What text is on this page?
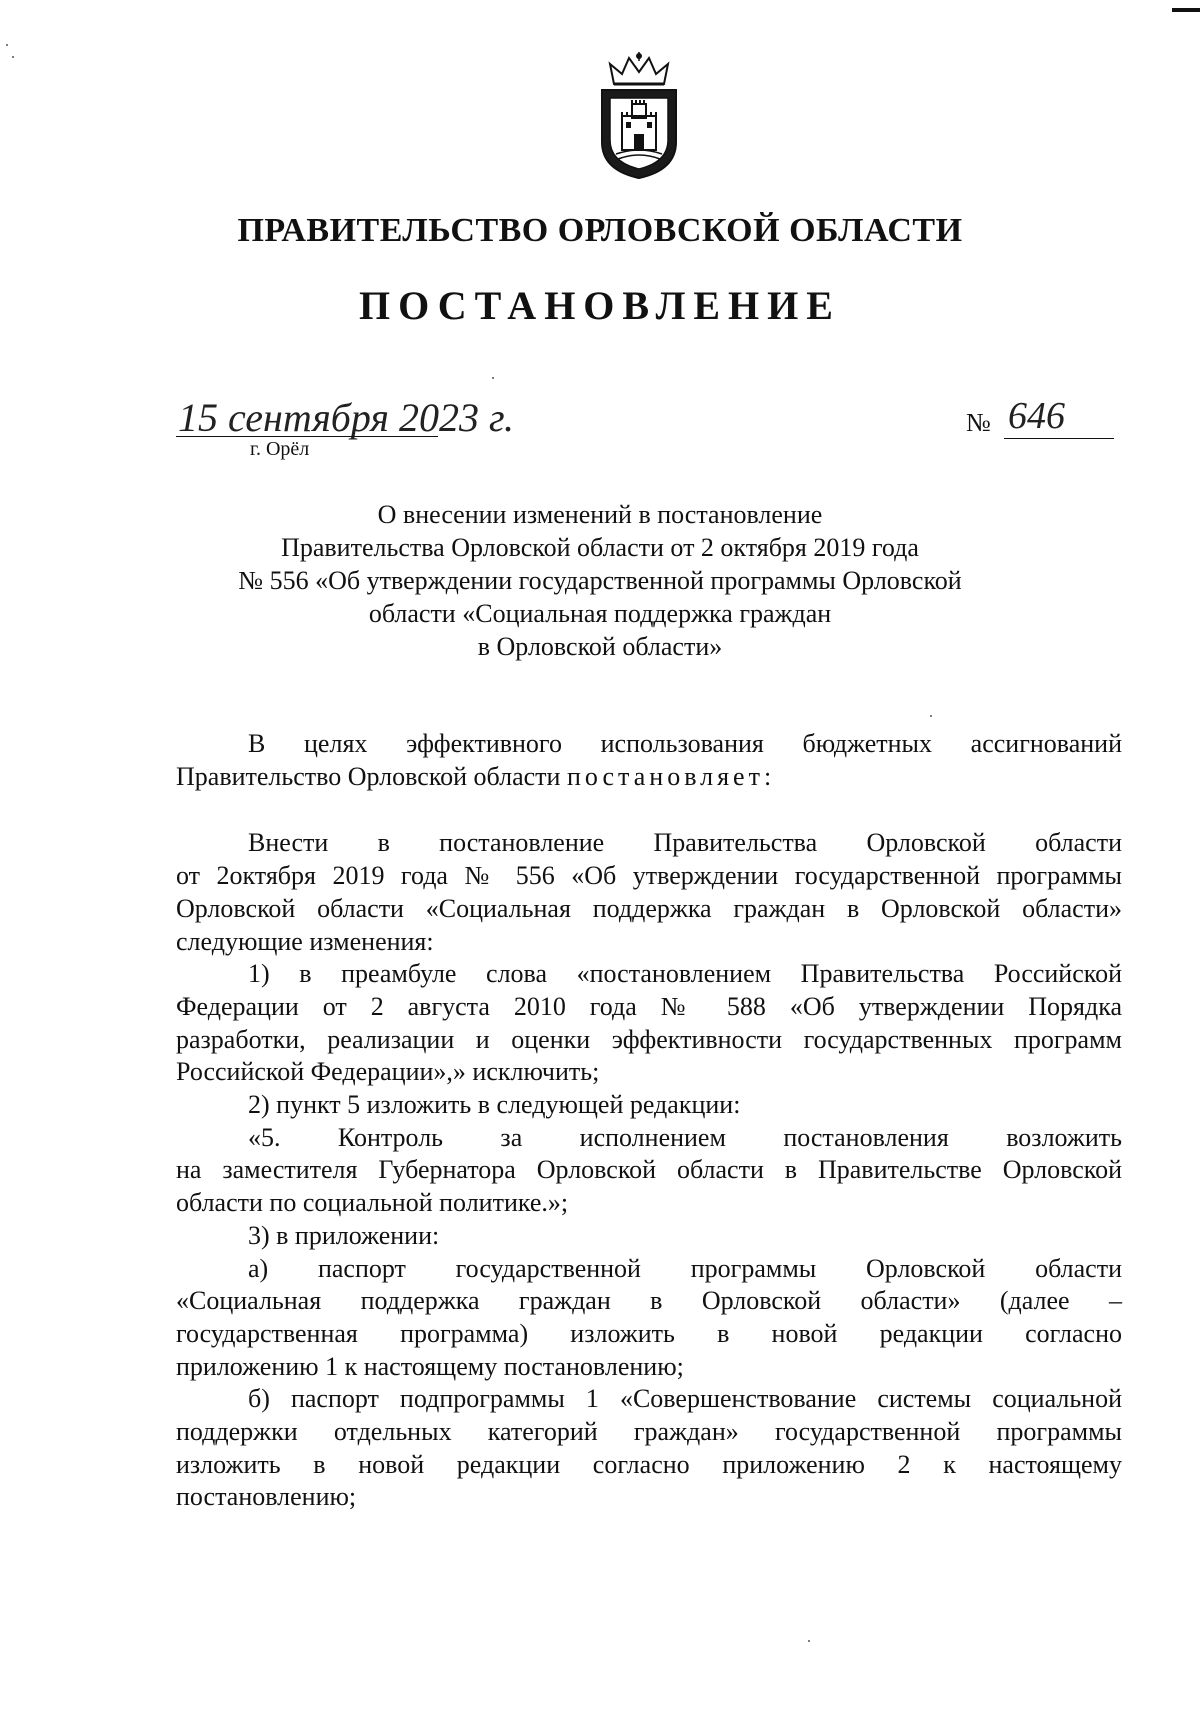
ПРАВИТЕЛЬСТВО ОРЛОВСКОЙ ОБЛАСТИ
ПОСТАНОВЛЕНИЕ
15 сентября 2023 г.
г. Орёл
№ 646
О внесении изменений в постановление
Правительства Орловской области от 2 октября 2019 года
№ 556 «Об утверждении государственной программы Орловской
области «Социальная поддержка граждан
в Орловской области»
В целях эффективного использования бюджетных ассигнований
Правительство Орловской области постановляет:
Внести в постановление Правительства Орловской области
от 2октября 2019 года № 556 «Об утверждении государственной программы
Орловской области «Социальная поддержка граждан в Орловской области»
следующие изменения:
1) в преамбуле слова «постановлением Правительства Российской
Федерации от 2 августа 2010 года № 588 «Об утверждении Порядка
разработки, реализации и оценки эффективности государственных программ
Российской Федерации»,» исключить;
2) пункт 5 изложить в следующей редакции:
«5. Контроль за исполнением постановления возложить
на заместителя Губернатора Орловской области в Правительстве Орловской
области по социальной политике.»;
3) в приложении:
а) паспорт государственной программы Орловской области
«Социальная поддержка граждан в Орловской области» (далее –
государственная программа) изложить в новой редакции согласно
приложению 1 к настоящему постановлению;
б) паспорт подпрограммы 1 «Совершенствование системы социальной
поддержки отдельных категорий граждан» государственной программы
изложить в новой редакции согласно приложению 2 к настоящему
постановлению;
